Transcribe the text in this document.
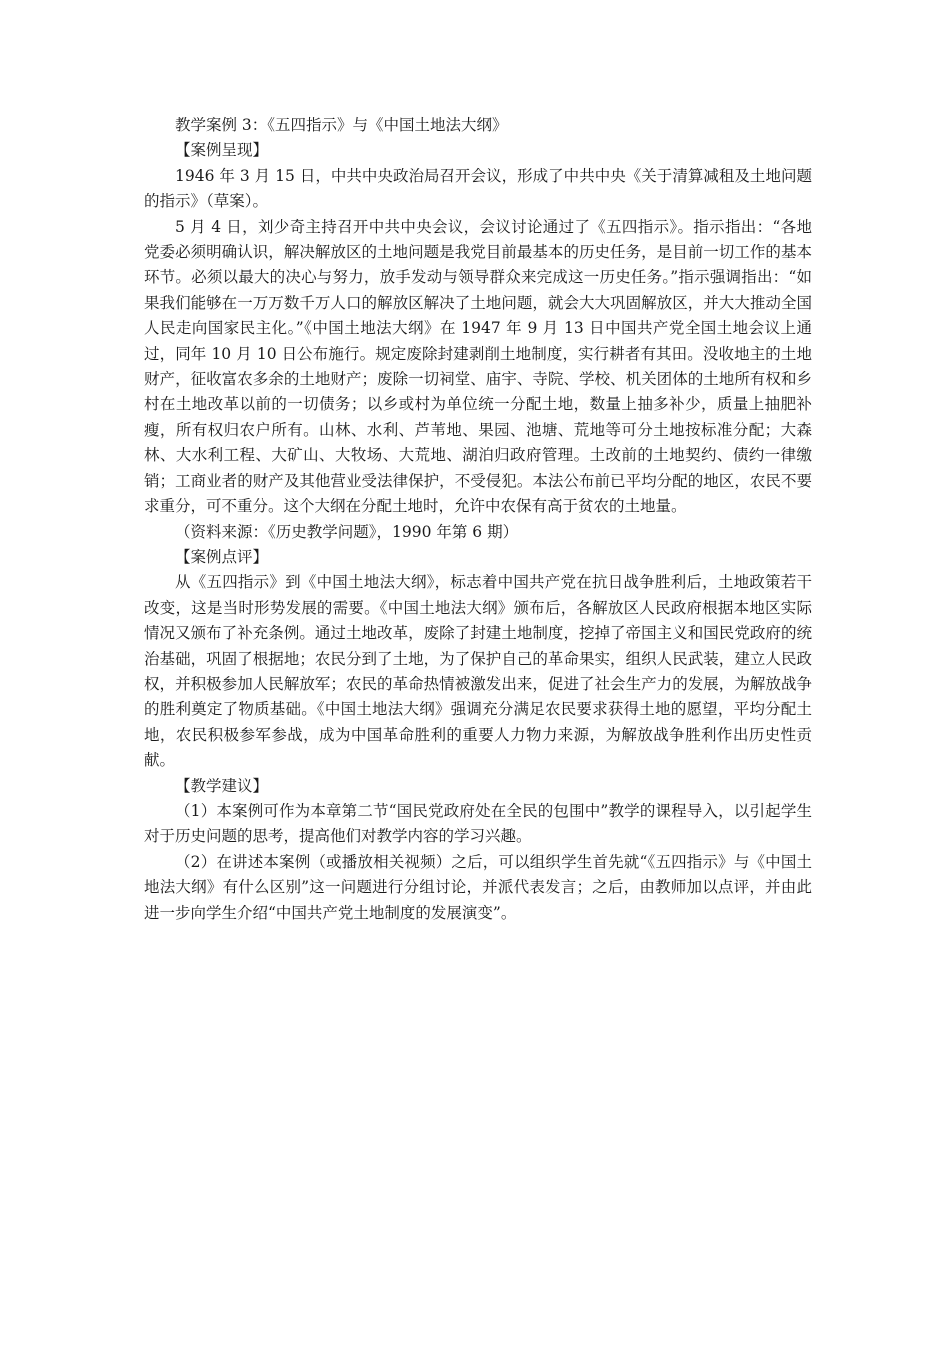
教学案例 3：《五四指示》与《中国土地法大纲》

【案例呈现】

1946 年 3 月 15 日，中共中央政治局召开会议，形成了中共中央《关于清算减租及土地问题的指示》（草案）。

5 月 4 日，刘少奇主持召开中共中央会议，会议讨论通过了《五四指示》。指示指出：“各地党委必须明确认识，解决解放区的土地问题是我党目前最基本的历史任务，是目前一切工作的基本环节。必须以最大的决心与努力，放手发动与领导群众来完成这一历史任务。”指示强调指出：“如果我们能够在一万万数千万人口的解放区解决了土地问题，就会大大巩固解放区，并大大推动全国人民走向国家民主化。”《中国土地法大纲》在 1947 年 9 月 13 日中国共产党全国土地会议上通过，同年 10 月 10 日公布施行。规定废除封建剥削土地制度，实行耕者有其田。没收地主的土地财产，征收富农多余的土地财产；废除一切祠堂、庙宇、寺院、学校、机关团体的土地所有权和乡村在土地改革以前的一切债务；以乡或村为单位统一分配土地，数量上抽多补少，质量上抽肥补瘦，所有权归农户所有。山林、水利、芦苇地、果园、池塘、荒地等可分土地按标准分配；大森林、大水利工程、大矿山、大牧场、大荒地、湖泊归政府管理。土改前的土地契约、债约一律缴销；工商业者的财产及其他营业受法律保护，不受侵犯。本法公布前已平均分配的地区，农民不要求重分，可不重分。这个大纲在分配土地时，允许中农保有高于贫农的土地量。

（资料来源：《历史教学问题》，1990 年第 6 期）

【案例点评】

从《五四指示》到《中国土地法大纲》，标志着中国共产党在抗日战争胜利后，土地政策若干改变，这是当时形势发展的需要。《中国土地法大纲》颁布后，各解放区人民政府根据本地区实际情况又颁布了补充条例。通过土地改革，废除了封建土地制度，挖掉了帝国主义和国民党政府的统治基础，巩固了根据地；农民分到了土地，为了保护自己的革命果实，组织人民武装，建立人民政权，并积极参加人民解放军；农民的革命热情被激发出来，促进了社会生产力的发展，为解放战争的胜利奠定了物质基础。《中国土地法大纲》强调充分满足农民要求获得土地的愿望，平均分配土地，农民积极参军参战，成为中国革命胜利的重要人力物力来源，为解放战争胜利作出历史性贡献。

【教学建议】

（1）本案例可作为本章第二节“国民党政府处在全民的包围中”教学的课程导入，以引起学生对于历史问题的思考，提高他们对教学内容的学习兴趣。

（2）在讲述本案例（或播放相关视频）之后，可以组织学生首先就“《五四指示》与《中国土地法大纲》有什么区别”这一问题进行分组讨论，并派代表发言；之后，由教师加以点评，并由此进一步向学生介绍“中国共产党土地制度的发展演变”。
